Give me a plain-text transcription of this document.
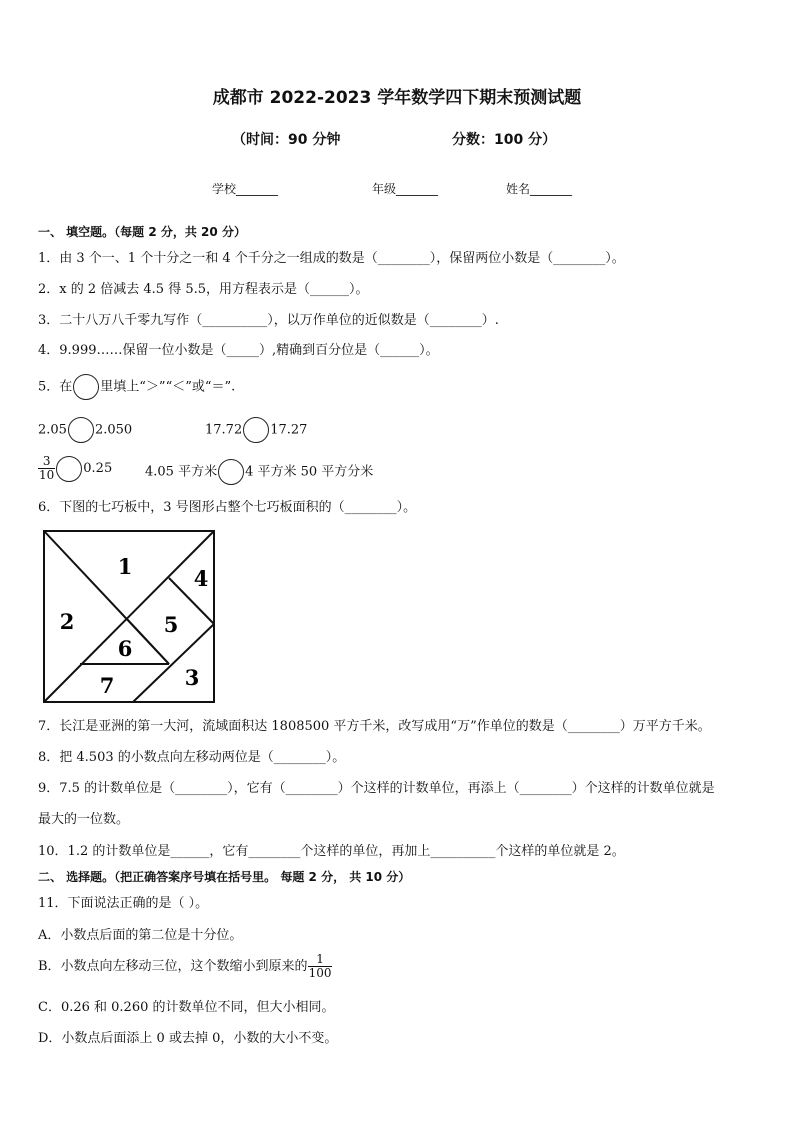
成都市 2022-2023 学年数学四下期末预测试题
（时间：90 分钟	分数：100 分）
学校_______	年级_______	姓名_______
一、 填空题。（每题 2 分，共 20 分）
1．由 3 个一、1 个十分之一和 4 个千分之一组成的数是（________），保留两位小数是（________）。
2．x 的 2 倍减去 4.5 得 5.5，用方程表示是（______）。
3．二十八万八千零九写作（__________），以万作单位的近似数是（________）.
4．9.999……保留一位小数是（_____）,精确到百分位是（______）。
5．在 里填上“＞”“＜”或“＝”.
2.05 2.050	17.72 17.27
$\frac{3}{10} 0.25$	4.05 平方米 4 平方米 50 平方分米
6．下图的七巧板中，3 号图形占整个七巧板面积的（________）。
1
2
3
4
5
6
7
7．长江是亚洲的第一大河，流域面积达 1808500 平方千米，改写成用“万”作单位的数是（________）万平方千米。
8．把 4.503 的小数点向左移动两位是（________）。
9．7.5 的计数单位是（________），它有（________）个这样的计数单位，再添上（________）个这样的计数单位就是
最大的一位数。
10．1.2 的计数单位是______，它有________个这样的单位，再加上__________个这样的单位就是 2。
二、 选择题。（把正确答案序号填在括号里。 每题 2 分， 共 10 分）
11．下面说法正确的是（ ）。
A．小数点后面的第二位是十分位。
B．小数点向左移动三位，这个数缩小到原来的 $\frac{1}{100}$
C．0.26 和 0.260 的计数单位不同，但大小相同。
D．小数点后面添上 0 或去掉 0，小数的大小不变。
